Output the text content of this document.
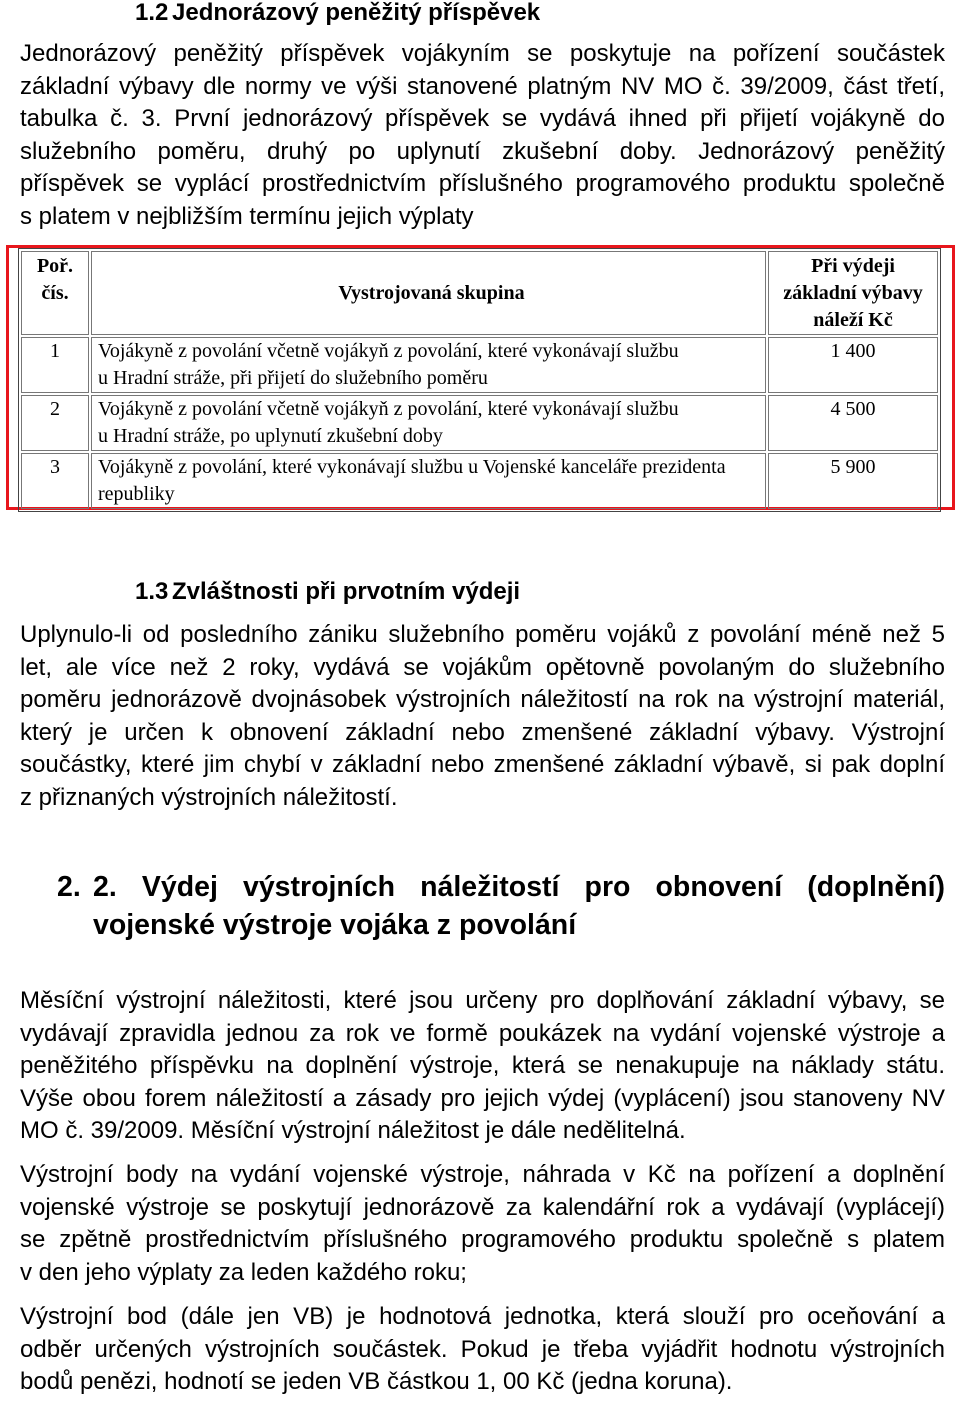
1.2 Jednorázový peněžitý příspěvek
Jednorázový peněžitý příspěvek vojákyním se poskytuje na pořízení součástek
základní výbavy dle normy ve výši stanovené platným NV MO č. 39/2009, část třetí,
tabulka č. 3. První jednorázový příspěvek se vydává ihned při přijetí vojákyně do
služebního poměru, druhý po uplynutí zkušební doby. Jednorázový peněžitý
příspěvek se vyplácí prostřednictvím příslušného programového produktu společně
s platem v nejbližším termínu jejich výplaty
Poř.
čís.	Vystrojovaná skupina	Při výdeji
základní výbavy
náleží Kč

1	Vojákyně z povolání včetně vojákyň z povolání, které vykonávají službu
u Hradní stráže, při přijetí do služebního poměru	1 400
2	Vojákyně z povolání včetně vojákyň z povolání, které vykonávají službu
u Hradní stráže, po uplynutí zkušební doby	4 500
3	Vojákyně z povolání, které vykonávají službu u Vojenské kanceláře prezidenta
republiky	5 900
1.3 Zvláštnosti při prvotním výdeji
Uplynulo-li od posledního zániku služebního poměru vojáků z povolání méně než 5
let, ale více než 2 roky, vydává se vojákům opětovně povolaným do služebního
poměru jednorázově dvojnásobek výstrojních náležitostí na rok na výstrojní materiál,
který je určen k obnovení základní nebo zmenšené základní výbavy. Výstrojní
součástky, které jim chybí v základní nebo zmenšené základní výbavě, si pak doplní
z přiznaných výstrojních náležitostí.
2. 2. Výdej výstrojních náležitostí pro obnovení (doplnění)
vojenské výstroje vojáka z povolání
Měsíční výstrojní náležitosti, které jsou určeny pro doplňování základní výbavy, se
vydávají zpravidla jednou za rok ve formě poukázek na vydání vojenské výstroje a
peněžitého příspěvku na doplnění výstroje, která se nenakupuje na náklady státu.
Výše obou forem náležitostí a zásady pro jejich výdej (vyplácení) jsou stanoveny NV
MO č. 39/2009. Měsíční výstrojní náležitost je dále nedělitelná.
Výstrojní body na vydání vojenské výstroje, náhrada v Kč na pořízení a doplnění
vojenské výstroje se poskytují jednorázově za kalendářní rok a vydávají (vyplácejí)
se zpětně prostřednictvím příslušného programového produktu společně s platem
v den jeho výplaty za leden každého roku;
Výstrojní bod (dále jen VB) je hodnotová jednotka, která slouží pro oceňování a
odběr určených výstrojních součástek. Pokud je třeba vyjádřit hodnotu výstrojních
bodů penězi, hodnotí se jeden VB částkou 1, 00 Kč (jedna koruna).
